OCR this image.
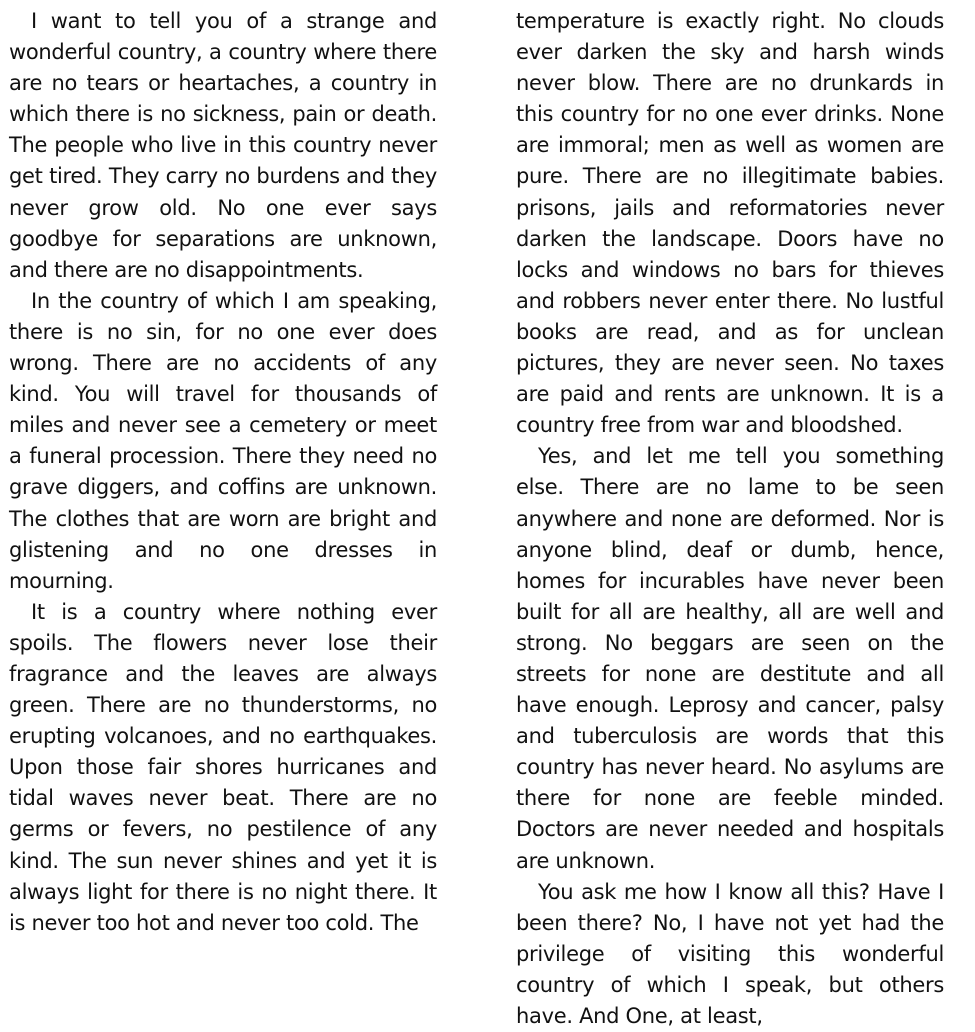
I want to tell you of a strange and wonderful country, a country where there are no tears or heartaches, a country in which there is no sickness, pain or death. The people who live in this country never get tired. They carry no burdens and they never grow old. No one ever says goodbye for separations are unknown, and there are no disappointments.

In the country of which I am speaking, there is no sin, for no one ever does wrong. There are no accidents of any kind. You will travel for thousands of miles and never see a cemetery or meet a funeral procession. There they need no grave diggers, and coffins are unknown. The clothes that are worn are bright and glistening and no one dresses in mourning.

It is a country where nothing ever spoils. The flowers never lose their fragrance and the leaves are always green. There are no thunderstorms, no erupting volcanoes, and no earthquakes. Upon those fair shores hurricanes and tidal waves never beat. There are no germs or fevers, no pestilence of any kind. The sun never shines and yet it is always light for there is no night there. It is never too hot and never too cold. The

temperature is exactly right. No clouds ever darken the sky and harsh winds never blow. There are no drunkards in this country for no one ever drinks. None are immoral; men as well as women are pure. There are no illegitimate babies. prisons, jails and reformatories never darken the landscape. Doors have no locks and windows no bars for thieves and robbers never enter there. No lustful books are read, and as for unclean pictures, they are never seen. No taxes are paid and rents are unknown. It is a country free from war and bloodshed.

Yes, and let me tell you something else. There are no lame to be seen anywhere and none are deformed. Nor is anyone blind, deaf or dumb, hence, homes for incurables have never been built for all are healthy, all are well and strong. No beggars are seen on the streets for none are destitute and all have enough. Leprosy and cancer, palsy and tuberculosis are words that this country has never heard. No asylums are there for none are feeble minded. Doctors are never needed and hospitals are unknown.

You ask me how I know all this? Have I been there? No, I have not yet had the privilege of visiting this wonderful country of which I speak, but others have. And One, at least,
